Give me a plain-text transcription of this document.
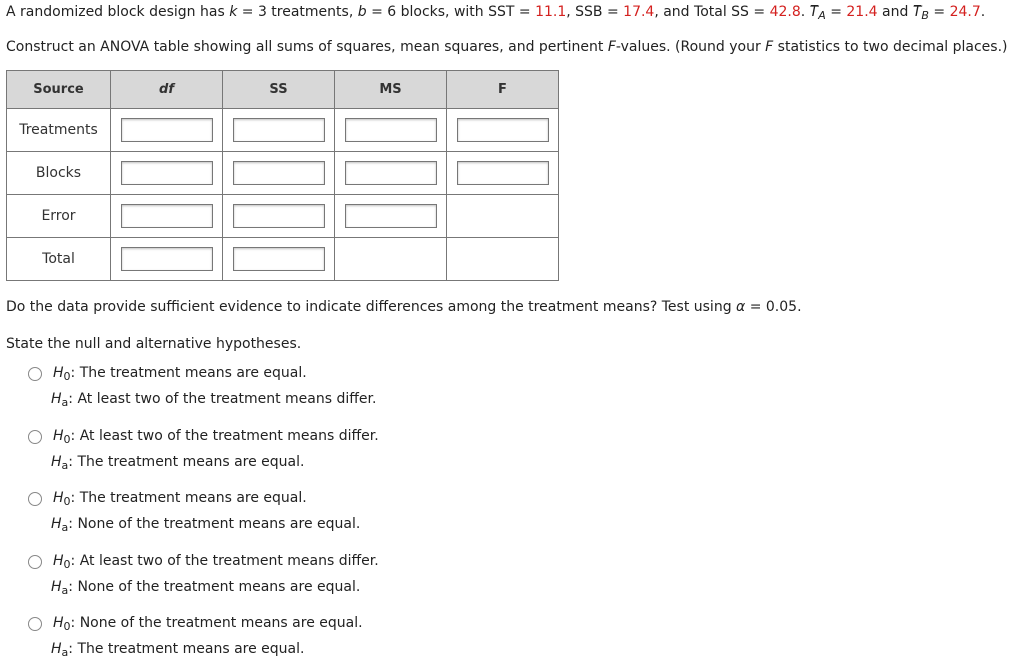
A randomized block design has k = 3 treatments, b = 6 blocks, with SST = 11.1, SSB = 17.4, and Total SS = 42.8. $T_A = 21.4$ and $T_B = 24.7$.
Construct an ANOVA table showing all sums of squares, mean squares, and pertinent F-values. (Round your F statistics to two decimal places.)
Source	df	SS	MS	F
Treatments	

Blocks	

Error	

Total	

Do the data provide sufficient evidence to indicate differences among the treatment means? Test using α = 0.05.
State the null and alternative hypotheses.
$H_0$: The treatment means are equal.
$H_a$: At least two of the treatment means differ.
$H_0$: At least two of the treatment means differ.
$H_a$: The treatment means are equal.
$H_0$: The treatment means are equal.
$H_a$: None of the treatment means are equal.
$H_0$: At least two of the treatment means differ.
$H_a$: None of the treatment means are equal.
$H_0$: None of the treatment means are equal.
$H_a$: The treatment means are equal.
